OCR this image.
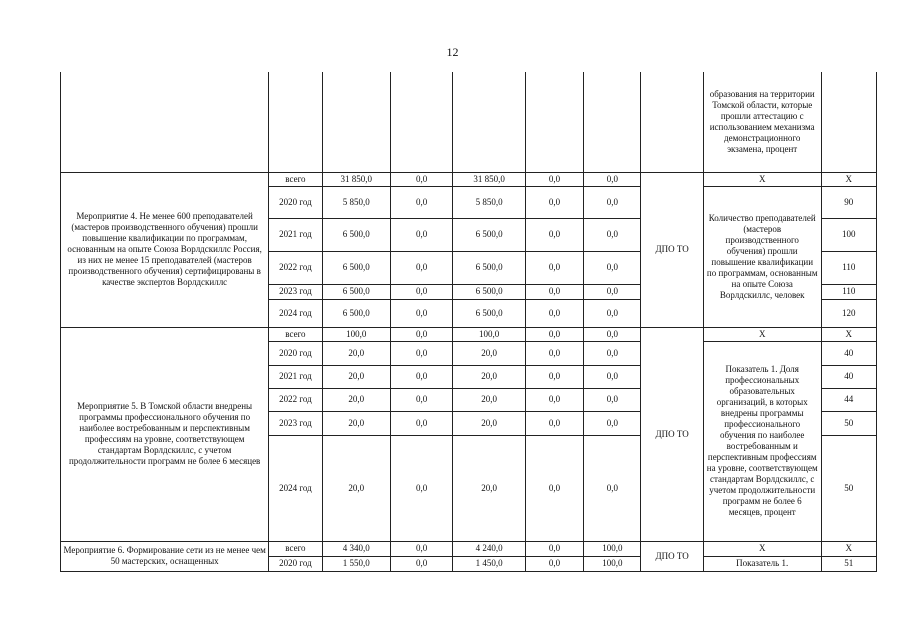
12
								образования на территории Томской области, которые прошли аттестацию с использованием механизма демонстрационного экзамена, процент	
Мероприятие 4. Не менее 600 преподавателей (мастеров производственного обучения) прошли повышение квалификации по программам, основанным на опыте Союза Ворлдскиллс Россия, из них не менее 15 преподавателей (мастеров производственного обучения) сертифицированы в качестве экспертов Ворлдскиллс	всего	31 850,0	0,0	31 850,0	0,0	0,0	ДПО ТО	Х	Х
	2020 год	5 850,0	0,0	5 850,0	0,0	0,0		Количество преподавателей (мастеров производственного обучения) прошли повышение квалификации по программам, основанным на опыте Союза Ворлдскиллс, человек	90
	2021 год	6 500,0	0,0	6 500,0	0,0	0,0			100
	2022 год	6 500,0	0,0	6 500,0	0,0	0,0			110
	2023 год	6 500,0	0,0	6 500,0	0,0	0,0			110
	2024 год	6 500,0	0,0	6 500,0	0,0	0,0			120
Мероприятие 5. В Томской области внедрены программы профессионального обучения по наиболее востребованным и перспективным профессиям на уровне, соответствующем стандартам Ворлдскиллс, с учетом продолжительности программ не более 6 месяцев	всего	100,0	0,0	100,0	0,0	0,0	ДПО ТО	Х	Х
	2020 год	20,0	0,0	20,0	0,0	0,0		Показатель 1. Доля профессиональных образовательных организаций, в которых внедрены программы профессионального обучения по наиболее востребованным и перспективным профессиям на уровне, соответствующем стандартам Ворлдскиллс, с учетом продолжительности программ не более 6 месяцев, процент	40
	2021 год	20,0	0,0	20,0	0,0	0,0			40
	2022 год	20,0	0,0	20,0	0,0	0,0			44
	2023 год	20,0	0,0	20,0	0,0	0,0			50
	2024 год	20,0	0,0	20,0	0,0	0,0			50
Мероприятие 6. Формирование сети из не менее чем 50 мастерских, оснащенных	всего	4 340,0	0,0	4 240,0	0,0	100,0	ДПО ТО	Х	Х
	2020 год	1 550,0	0,0	1 450,0	0,0	100,0		Показатель 1.	51
